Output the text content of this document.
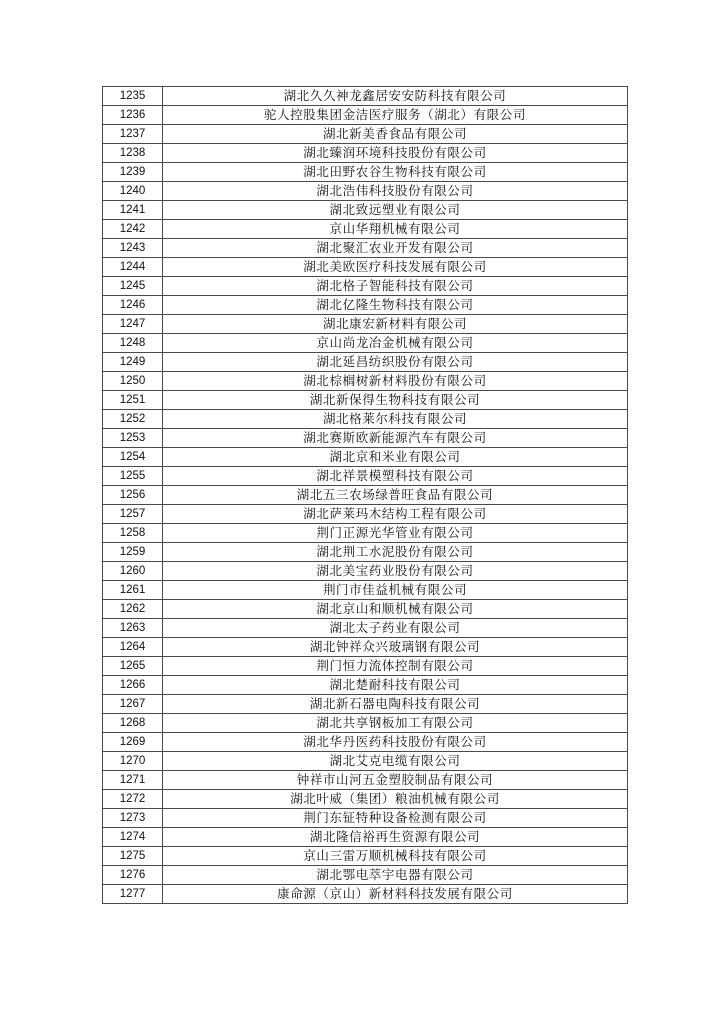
1235	湖北久久神龙鑫居安安防科技有限公司
1236	驼人控股集团金洁医疗服务（湖北）有限公司
1237	湖北新美香食品有限公司
1238	湖北臻润环境科技股份有限公司
1239	湖北田野农谷生物科技有限公司
1240	湖北浩伟科技股份有限公司
1241	湖北致远塑业有限公司
1242	京山华翔机械有限公司
1243	湖北聚汇农业开发有限公司
1244	湖北美欧医疗科技发展有限公司
1245	湖北格子智能科技有限公司
1246	湖北亿隆生物科技有限公司
1247	湖北康宏新材料有限公司
1248	京山尚龙冶金机械有限公司
1249	湖北延昌纺织股份有限公司
1250	湖北棕榈树新材料股份有限公司
1251	湖北新保得生物科技有限公司
1252	湖北格莱尔科技有限公司
1253	湖北赛斯欧新能源汽车有限公司
1254	湖北京和米业有限公司
1255	湖北祥景模塑科技有限公司
1256	湖北五三农场绿普旺食品有限公司
1257	湖北萨莱玛木结构工程有限公司
1258	荆门正源光华管业有限公司
1259	湖北荆工水泥股份有限公司
1260	湖北美宝药业股份有限公司
1261	荆门市佳益机械有限公司
1262	湖北京山和顺机械有限公司
1263	湖北太子药业有限公司
1264	湖北钟祥众兴玻璃钢有限公司
1265	荆门恒力流体控制有限公司
1266	湖北楚耐科技有限公司
1267	湖北新石器电陶科技有限公司
1268	湖北共享钢板加工有限公司
1269	湖北华丹医药科技股份有限公司
1270	湖北艾克电缆有限公司
1271	钟祥市山河五金塑胶制品有限公司
1272	湖北叶威（集团）粮油机械有限公司
1273	荆门东钲特种设备检测有限公司
1274	湖北隆信裕再生资源有限公司
1275	京山三雷万顺机械科技有限公司
1276	湖北鄂电萃宇电器有限公司
1277	康命源（京山）新材料科技发展有限公司
